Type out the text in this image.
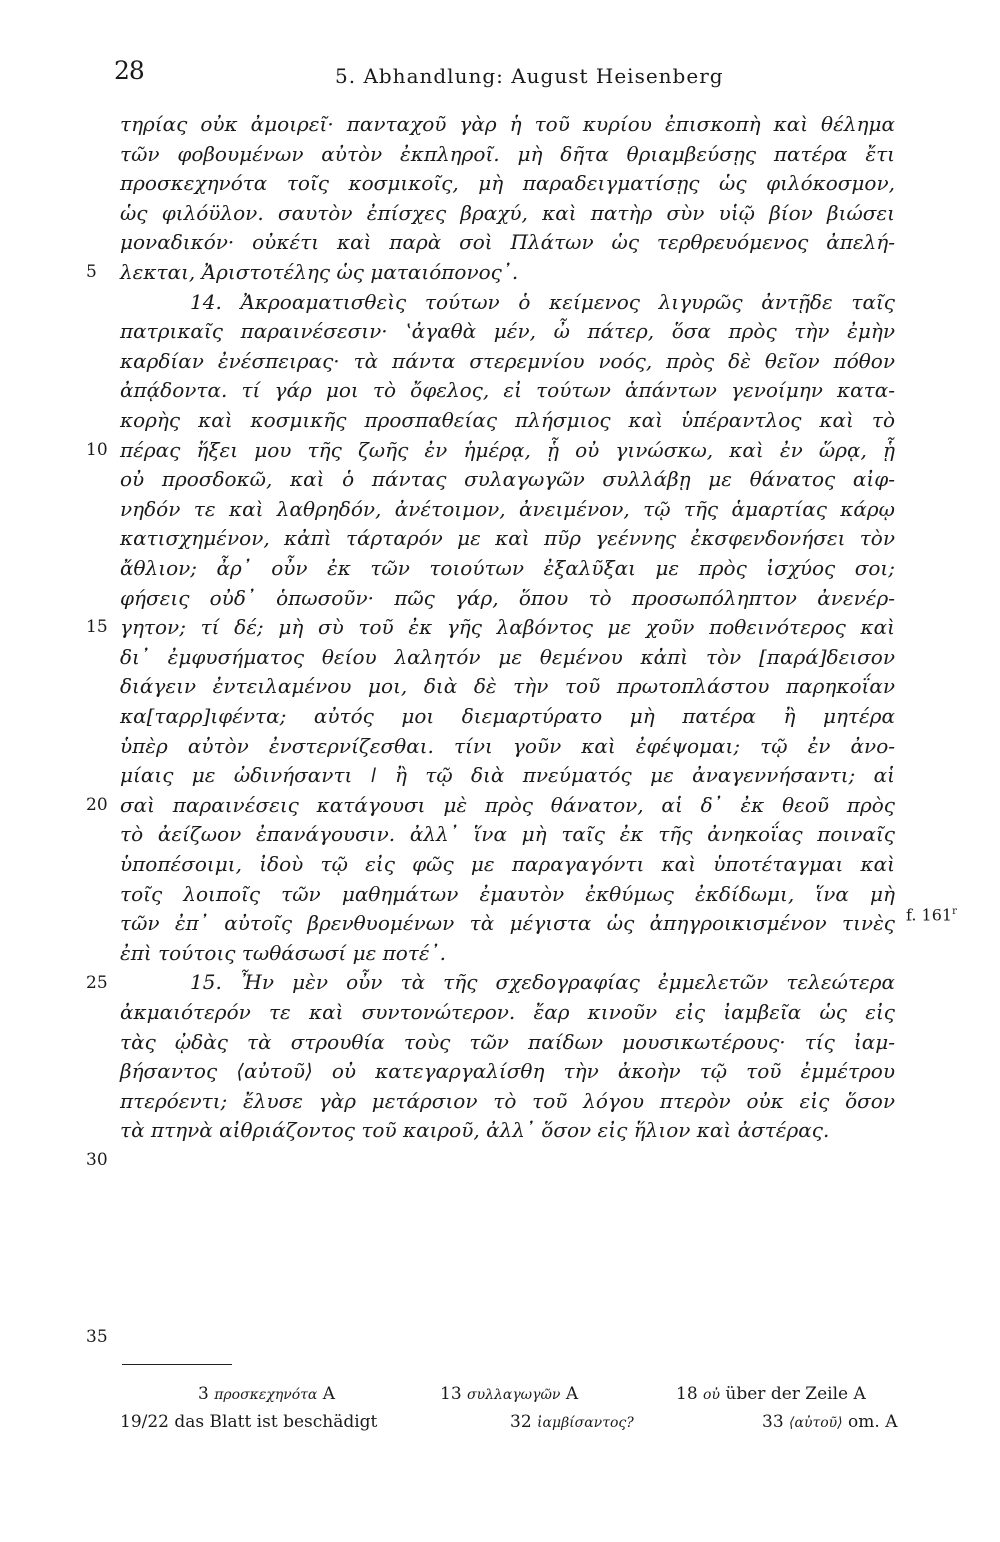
28	5. Abhandlung: August Heisenberg
τηρίας οὐκ ἀμοιρεῖ· πανταχοῦ γὰρ ἡ τοῦ κυρίου ἐπισκοπὴ καὶ θέλημα
τῶν φοβουμένων αὐτὸν ἐκπληροῖ. μὴ δῆτα θριαμβεύσῃς πατέρα ἔτι
προσκεχηνότα τοῖς κοσμικοῖς, μὴ παραδειγματίσῃς ὡς φιλόκοσμον,
ὡς φιλόϋλον. σαυτὸν ἐπίσχες βραχύ, καὶ πατὴρ σὺν υἱῷ βίον βιώσει
μοναδικόν· οὐκέτι καὶ παρὰ σοὶ Πλάτων ὡς τερθρευόμενος ἀπελή-
λεκται, Ἀριστοτέλης ὡς ματαιόπονος᾿.
14. Ἀκροαματισθεὶς τούτων ὁ κείμενος λιγυρῶς ἀντῇδε ταῖς
πατρικαῖς παραινέσεσιν· ʽἀγαθὰ μέν, ὦ πάτερ, ὅσα πρὸς τὴν ἐμὴν
καρδίαν ἐνέσπειρας· τὰ πάντα στερεμνίου νοός, πρὸς δὲ θεῖον πόθον
ἀπᾴδοντα. τί γάρ μοι τὸ ὄφελος, εἰ τούτων ἁπάντων γενοίμην κατα-
κορὴς καὶ κοσμικῆς προσπαθείας πλήσμιος καὶ ὑπέραντλος καὶ τὸ
πέρας ἥξει μου τῆς ζωῆς ἐν ἡμέρᾳ, ᾗ οὐ γινώσκω, καὶ ἐν ὥρᾳ, ᾗ
οὐ προσδοκῶ, καὶ ὁ πάντας συλαγωγῶν συλλάβῃ με θάνατος αἰφ-
νηδόν τε καὶ λαθρηδόν, ἀνέτοιμον, ἀνειμένον, τῷ τῆς ἁμαρτίας κάρῳ
κατισχημένον, κἀπὶ τάρταρόν με καὶ πῦρ γεέννης ἐκσφενδονήσει τὸν
ἄθλιον; ἆρ᾿ οὖν ἐκ τῶν τοιούτων ἐξαλῦξαι με πρὸς ἰσχύος σοι;
φήσεις οὐδ᾿ ὁπωσοῦν· πῶς γάρ, ὅπου τὸ προσωπόληπτον ἀνενέρ-
γητον; τί δέ; μὴ σὺ τοῦ ἐκ γῆς λαβόντος με χοῦν ποθεινότερος καὶ
δι᾿ ἐμφυσήματος θείου λαλητόν με θεμένου κἀπὶ τὸν [παρά]δεισον
διάγειν ἐντειλαμένου μοι, διὰ δὲ τὴν τοῦ πρωτοπλάστου παρηκοΐαν
κα[ταρρ]ιφέντα; αὐτός μοι διεμαρτύρατο μὴ πατέρα ἢ μητέρα
ὑπὲρ αὐτὸν ἐνστερνίζεσθαι. τίνι γοῦν καὶ ἐφέψομαι; τῷ ἐν ἀνο-
μίαις με ὠδινήσαντι ǀ ἢ τῷ διὰ πνεύματός με ἀναγεννήσαντι; αἱ
σαὶ παραινέσεις κατάγουσι μὲ πρὸς θάνατον, αἱ δ᾿ ἐκ θεοῦ πρὸς
τὸ ἀείζωον ἐπανάγουσιν. ἀλλ᾿ ἵνα μὴ ταῖς ἐκ τῆς ἀνηκοΐας ποιναῖς
ὑποπέσοιμι, ἰδοὺ τῷ εἰς φῶς με παραγαγόντι καὶ ὑποτέταγμαι καὶ
τοῖς λοιποῖς τῶν μαθημάτων ἐμαυτὸν ἐκθύμως ἐκδίδωμι, ἵνα μὴ
τῶν ἐπ᾿ αὐτοῖς βρενθυομένων τὰ μέγιστα ὡς ἀπηγροικισμένον τινὲς
ἐπὶ τούτοις τωθάσωσί με ποτέ᾿.
15. Ἦν μὲν οὖν τὰ τῆς σχεδογραφίας ἐμμελετῶν τελεώτερα
ἀκμαιότερόν τε καὶ συντονώτερον. ἔαρ κινοῦν εἰς ἰαμβεῖα ὡς εἰς
τὰς ᾠδὰς τὰ στρουθία τοὺς τῶν παίδων μουσικωτέρους· τίς ἰαμ-
βήσαντος ⟨αὐτοῦ⟩ οὐ κατεγαργαλίσθη τὴν ἀκοὴν τῷ τοῦ ἐμμέτρου
πτερόεντι; ἔλυσε γὰρ μετάρσιον τὸ τοῦ λόγου πτερὸν οὐκ εἰς ὅσον
τὰ πτηνὰ αἰθριάζοντος τοῦ καιροῦ, ἀλλ᾿ ὅσον εἰς ἥλιον καὶ ἀστέρας.
5
10
15
20
25
30
35
f. 161$^r$
3 προσκεχηνότα A	13 συλλαγωγῶν A	18 οὐ über der Zeile A
19/22 das Blatt ist beschädigt	32 ἰαμβίσαντος?	33 ⟨αὐτοῦ⟩ om. A
